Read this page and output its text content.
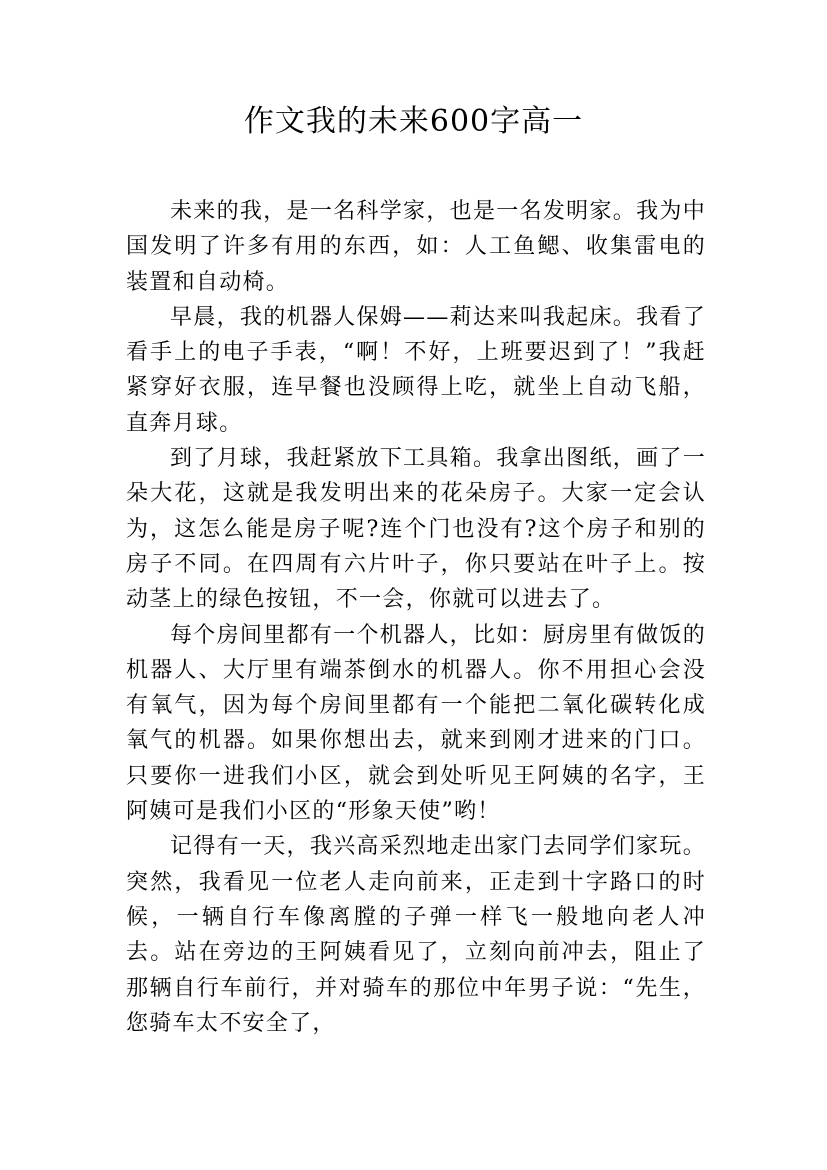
作文我的未来600字高一

未来的我，是一名科学家，也是一名发明家。我为中国发明了许多有用的东西，如：人工鱼鳃、收集雷电的装置和自动椅。

早晨，我的机器人保姆——莉达来叫我起床。我看了看手上的电子手表，“啊！不好，上班要迟到了！”我赶紧穿好衣服，连早餐也没顾得上吃，就坐上自动飞船，直奔月球。

到了月球，我赶紧放下工具箱。我拿出图纸，画了一朵大花，这就是我发明出来的花朵房子。大家一定会认为，这怎么能是房子呢?连个门也没有?这个房子和别的房子不同。在四周有六片叶子，你只要站在叶子上。按动茎上的绿色按钮，不一会，你就可以进去了。

每个房间里都有一个机器人，比如：厨房里有做饭的机器人、大厅里有端茶倒水的机器人。你不用担心会没有氧气，因为每个房间里都有一个能把二氧化碳转化成氧气的机器。如果你想出去，就来到刚才进来的门口。只要你一进我们小区，就会到处听见王阿姨的名字，王阿姨可是我们小区的“形象天使”哟！

记得有一天，我兴高采烈地走出家门去同学们家玩。突然，我看见一位老人走向前来，正走到十字路口的时候，一辆自行车像离膛的子弹一样飞一般地向老人冲去。站在旁边的王阿姨看见了，立刻向前冲去，阻止了那辆自行车前行，并对骑车的那位中年男子说：“先生，您骑车太不安全了，
